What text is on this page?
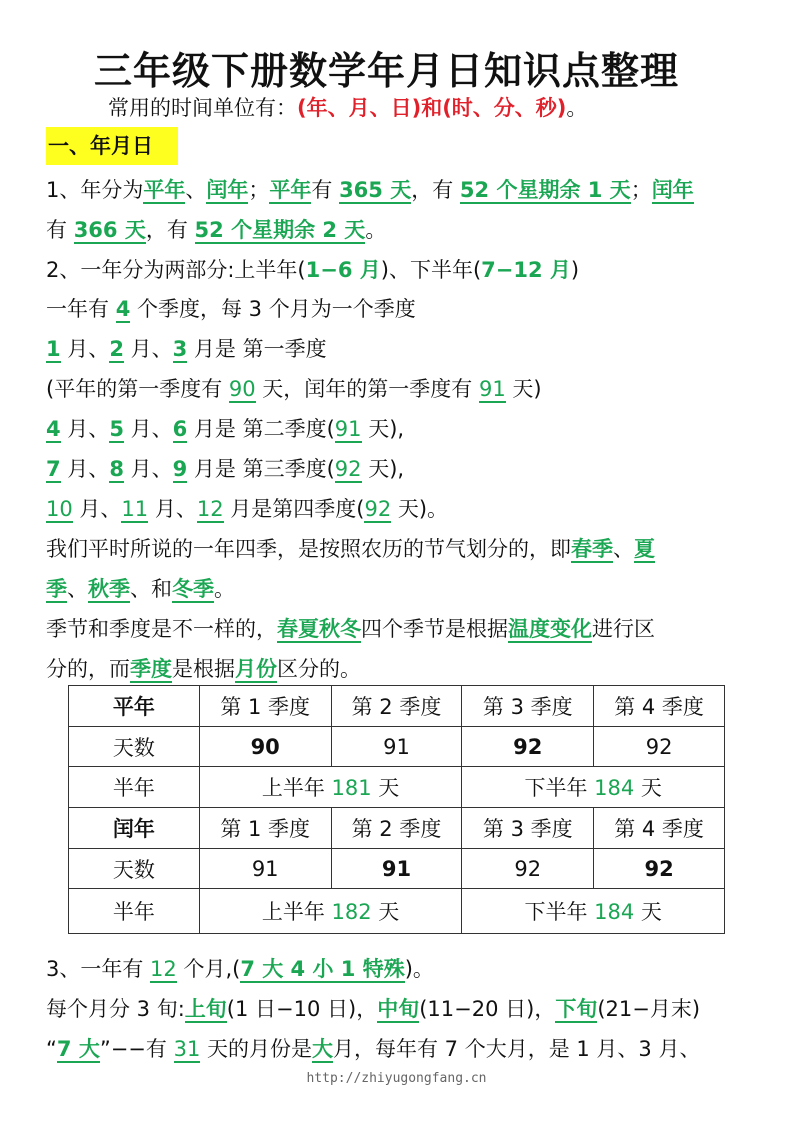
三年级下册数学年月日知识点整理
常用的时间单位有：(年、月、日)和(时、分、秒)。
一、年月日
1、年分为平年、闰年；平年有 365 天，有 52 个星期余 1 天；闰年
有 366 天，有 52 个星期余 2 天。
2、一年分为两部分:上半年(1−6 月)、下半年(7−12 月)
一年有 4 个季度，每 3 个月为一个季度
1 月、2 月、3 月是 第一季度
(平年的第一季度有 90 天，闰年的第一季度有 91 天)
4 月、5 月、6 月是 第二季度(91 天),
7 月、8 月、9 月是 第三季度(92 天),
10 月、11 月、12 月是第四季度(92 天)。
我们平时所说的一年四季，是按照农历的节气划分的，即春季、夏
季、秋季、和冬季。
季节和季度是不一样的，春夏秋冬四个季节是根据温度变化进行区
分的，而季度是根据月份区分的。
平年	第 1 季度	第 2 季度	第 3 季度	第 4 季度
天数	90	91	92	92
半年	上半年 181 天		下半年 184 天	
闰年	第 1 季度	第 2 季度	第 3 季度	第 4 季度
天数	91	91	92	92
半年	上半年 182 天		下半年 184 天	
3、一年有 12 个月,(7 大 4 小 1 特殊)。
每个月分 3 旬:上旬(1 日−10 日)，中旬(11−20 日)，下旬(21−月末)
“7 大”−−有 31 天的月份是大月，每年有 7 个大月，是 1 月、3 月、
http://zhiyugongfang.cn
